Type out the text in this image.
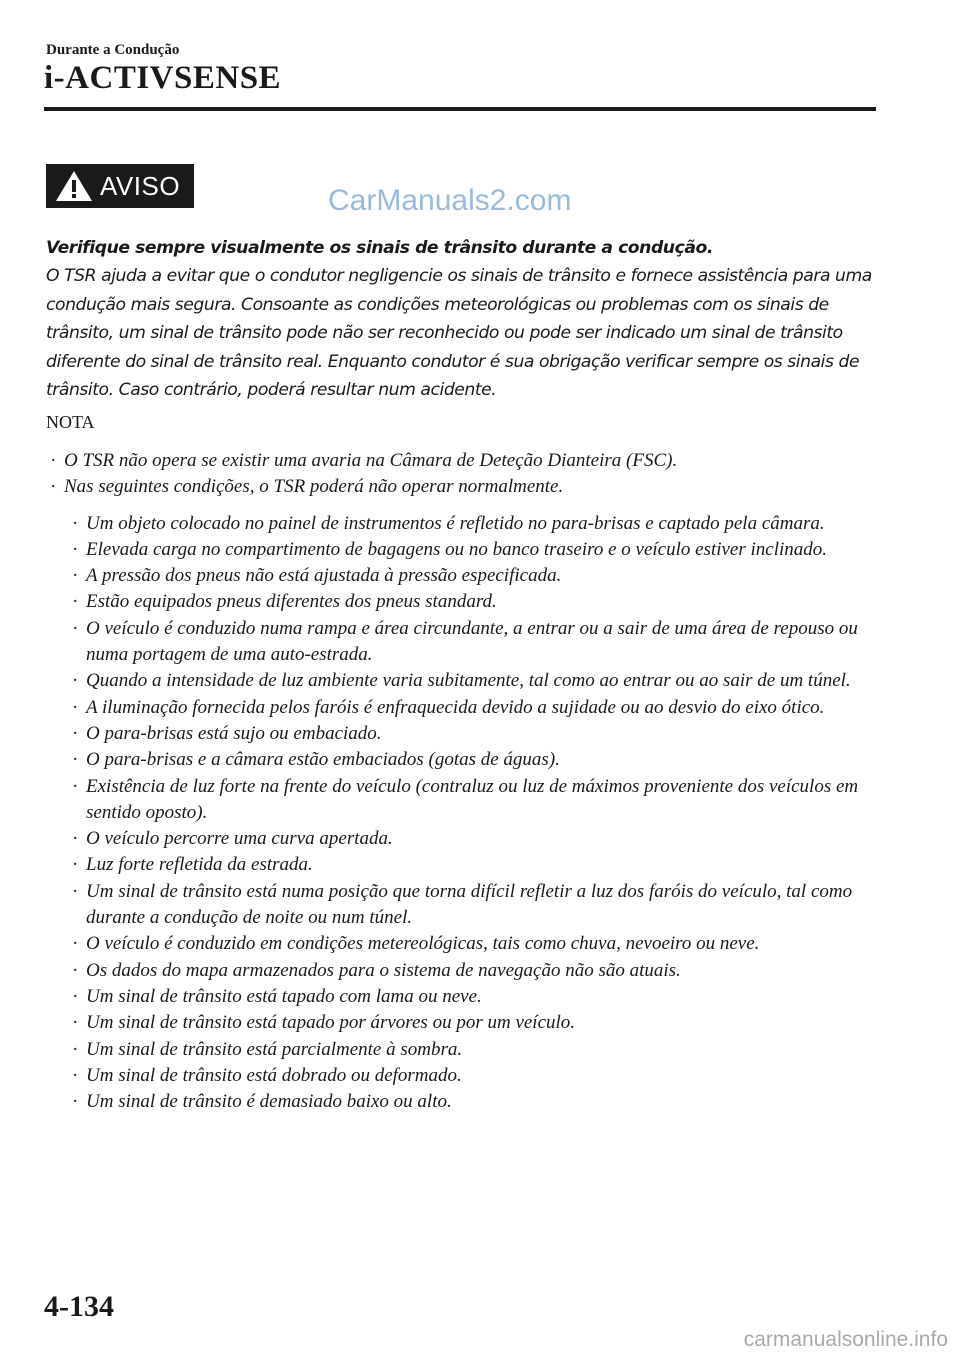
Durante a Condução
i-ACTIVSENSE
AVISO	CarManuals2.com
Verifique sempre visualmente os sinais de trânsito durante a condução.
O TSR ajuda a evitar que o condutor negligencie os sinais de trânsito e fornece assistência para uma condução mais segura. Consoante as condições meteorológicas ou problemas com os sinais de trânsito, um sinal de trânsito pode não ser reconhecido ou pode ser indicado um sinal de trânsito diferente do sinal de trânsito real. Enquanto condutor é sua obrigação verificar sempre os sinais de trânsito. Caso contrário, poderá resultar num acidente.
NOTA
· O TSR não opera se existir uma avaria na Câmara de Deteção Dianteira (FSC).
· Nas seguintes condições, o TSR poderá não operar normalmente.
· Um objeto colocado no painel de instrumentos é refletido no para-brisas e captado pela câmara.
· Elevada carga no compartimento de bagagens ou no banco traseiro e o veículo estiver inclinado.
· A pressão dos pneus não está ajustada à pressão especificada.
· Estão equipados pneus diferentes dos pneus standard.
· O veículo é conduzido numa rampa e área circundante, a entrar ou a sair de uma área de repouso ou numa portagem de uma auto-estrada.
· Quando a intensidade de luz ambiente varia subitamente, tal como ao entrar ou ao sair de um túnel.
· A iluminação fornecida pelos faróis é enfraquecida devido a sujidade ou ao desvio do eixo ótico.
· O para-brisas está sujo ou embaciado.
· O para-brisas e a câmara estão embaciados (gotas de águas).
· Existência de luz forte na frente do veículo (contraluz ou luz de máximos proveniente dos veículos em sentido oposto).
· O veículo percorre uma curva apertada.
· Luz forte refletida da estrada.
· Um sinal de trânsito está numa posição que torna difícil refletir a luz dos faróis do veículo, tal como durante a condução de noite ou num túnel.
· O veículo é conduzido em condições metereológicas, tais como chuva, nevoeiro ou neve.
· Os dados do mapa armazenados para o sistema de navegação não são atuais.
· Um sinal de trânsito está tapado com lama ou neve.
· Um sinal de trânsito está tapado por árvores ou por um veículo.
· Um sinal de trânsito está parcialmente à sombra.
· Um sinal de trânsito está dobrado ou deformado.
· Um sinal de trânsito é demasiado baixo ou alto.
4-134
carmanualsonline.info
